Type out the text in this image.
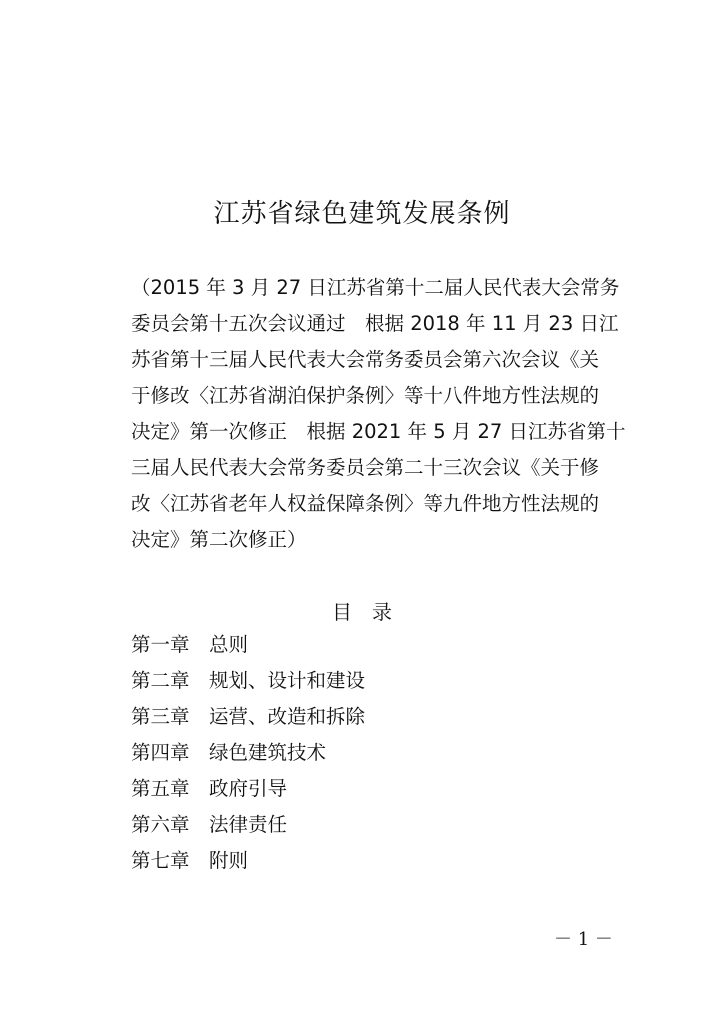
江苏省绿色建筑发展条例
（2015 年 3 月 27 日江苏省第十二届人民代表大会常务
委员会第十五次会议通过　根据 2018 年 11 月 23 日江
苏省第十三届人民代表大会常务委员会第六次会议《关
于修改〈江苏省湖泊保护条例〉等十八件地方性法规的
决定》第一次修正　根据 2021 年 5 月 27 日江苏省第十
三届人民代表大会常务委员会第二十三次会议《关于修
改〈江苏省老年人权益保障条例〉等九件地方性法规的
决定》第二次修正）
目　录
第一章 总则
第二章 规划、设计和建设
第三章 运营、改造和拆除
第四章 绿色建筑技术
第五章 政府引导
第六章 法律责任
第七章 附则
－ 1 －
